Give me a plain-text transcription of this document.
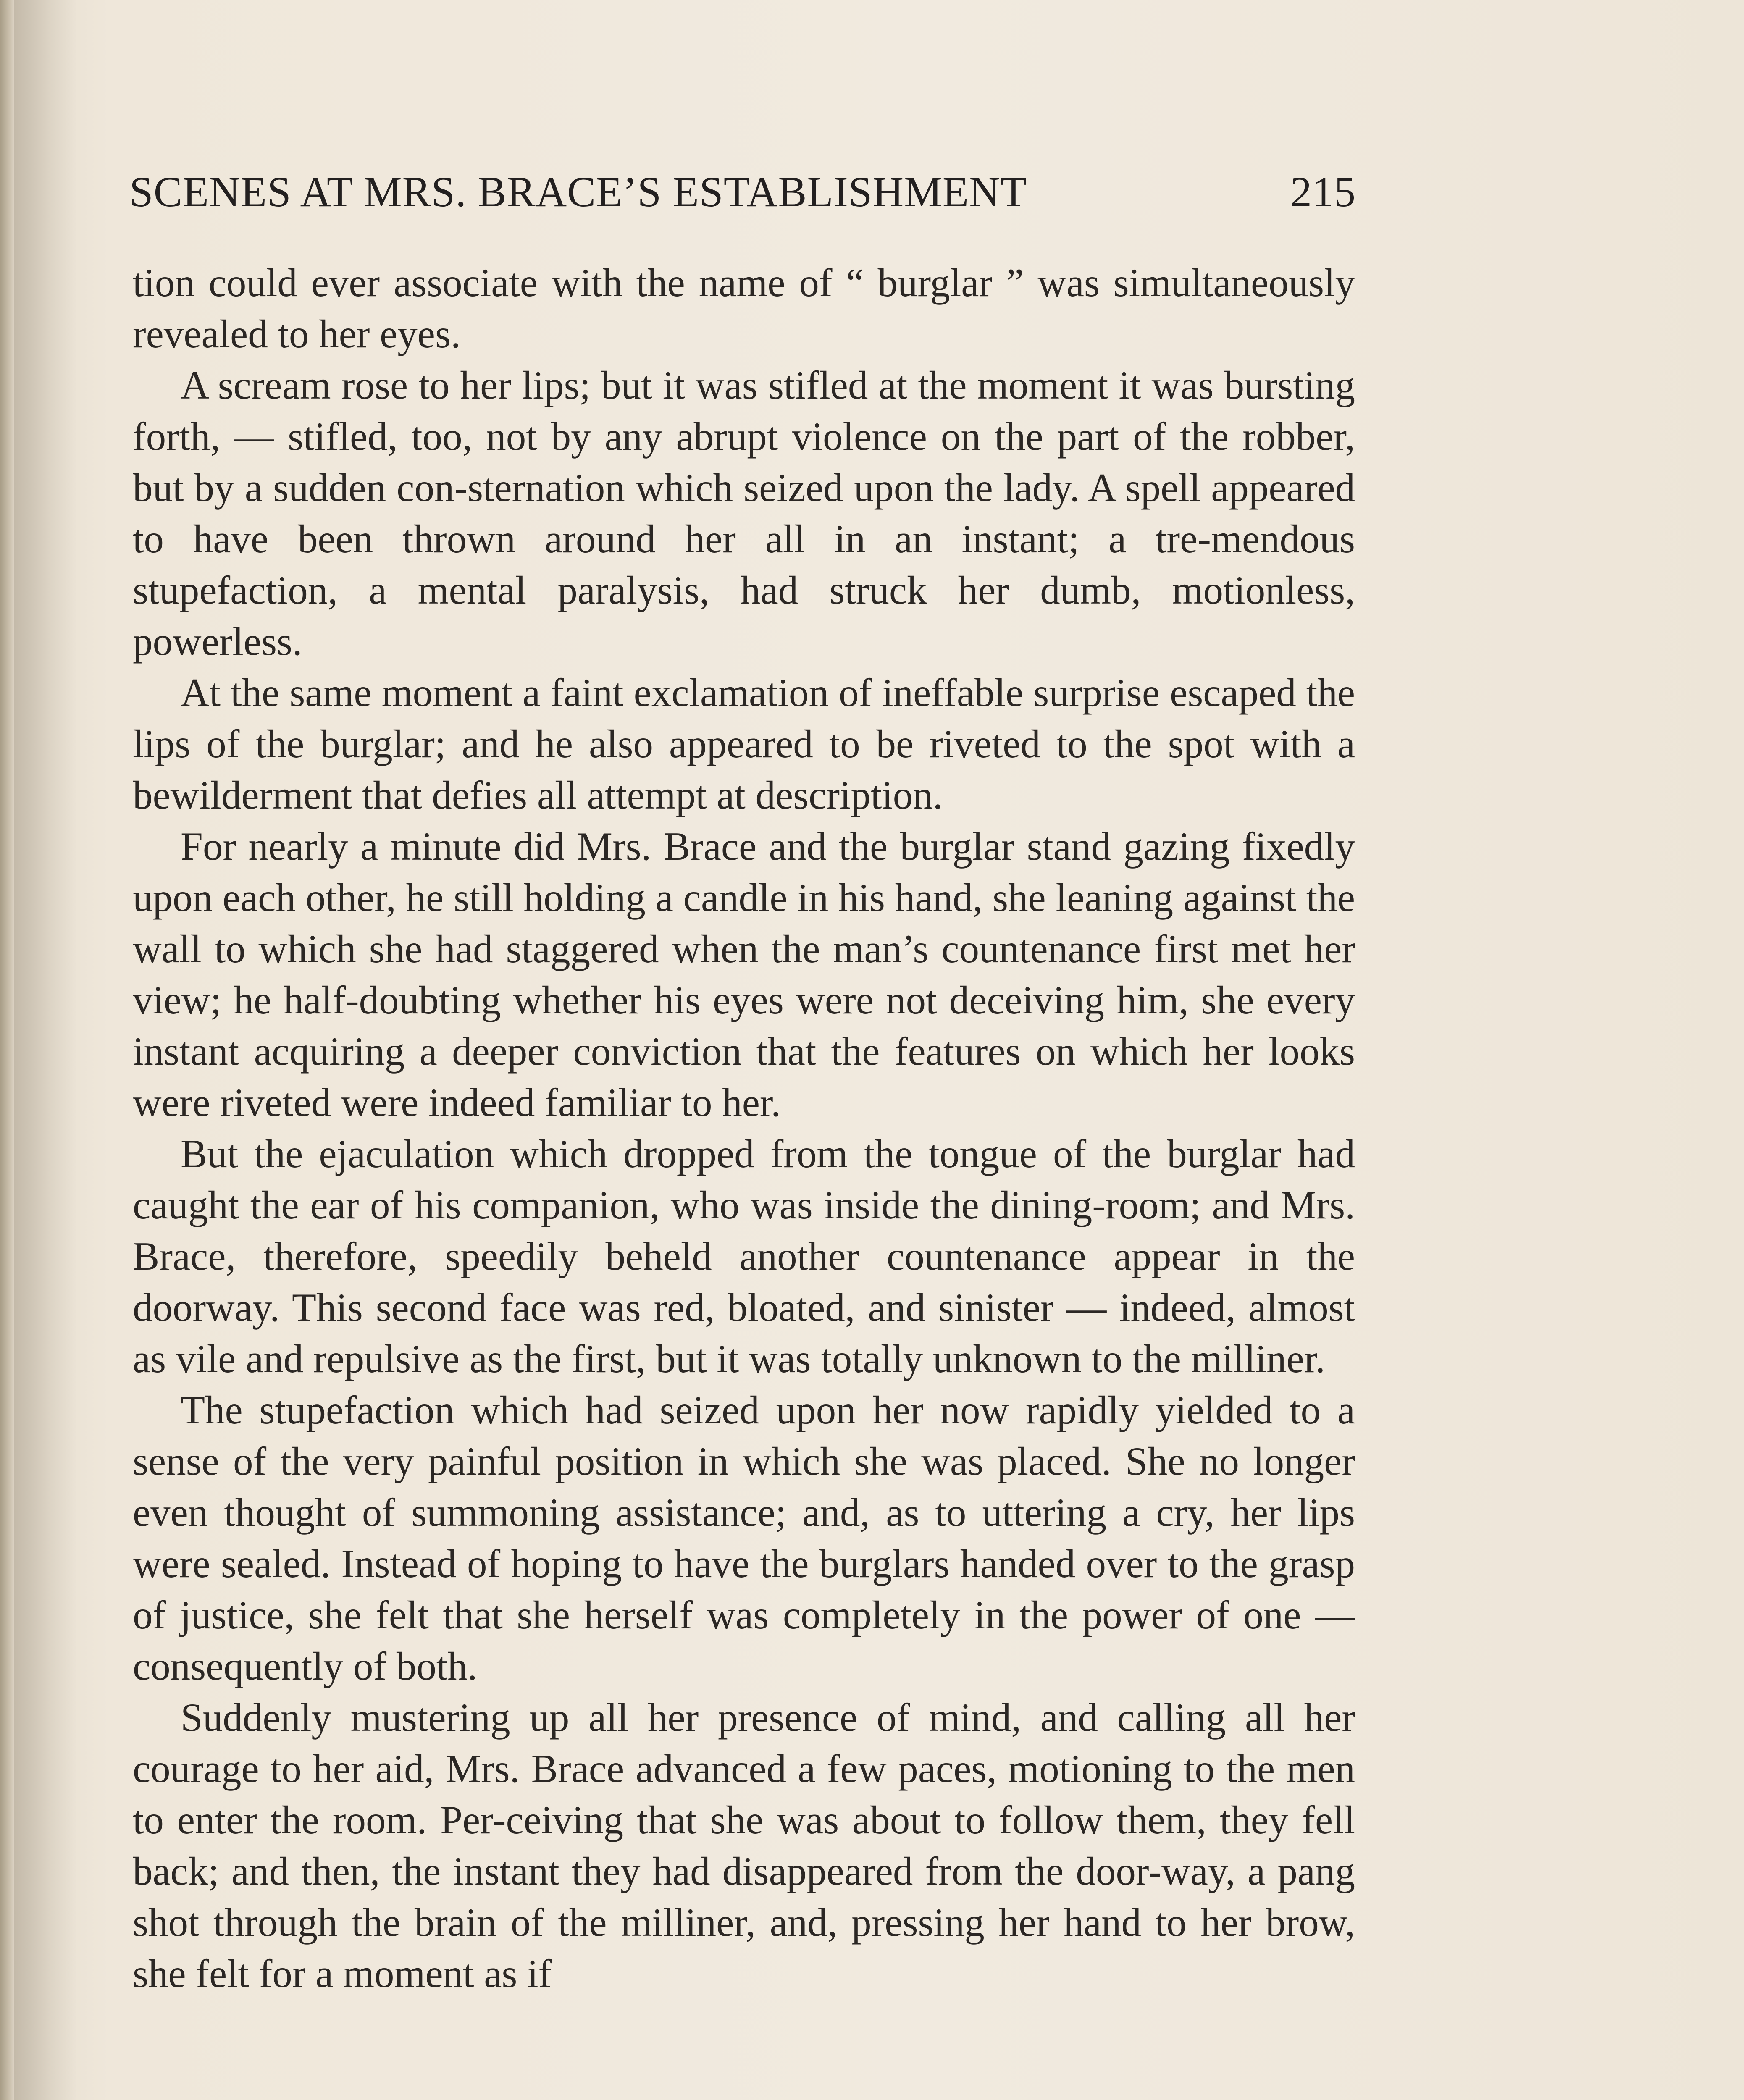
SCENES AT MRS. BRACE’S ESTABLISHMENT	215

tion could ever associate with the name of “ burglar ” was simultaneously revealed to her eyes.

A scream rose to her lips; but it was stifled at the moment it was bursting forth, — stifled, too, not by any abrupt violence on the part of the robber, but by a sudden con-sternation which seized upon the lady. A spell appeared to have been thrown around her all in an instant; a tre-mendous stupefaction, a mental paralysis, had struck her dumb, motionless, powerless.

At the same moment a faint exclamation of ineffable surprise escaped the lips of the burglar; and he also appeared to be riveted to the spot with a bewilderment that defies all attempt at description.

For nearly a minute did Mrs. Brace and the burglar stand gazing fixedly upon each other, he still holding a candle in his hand, she leaning against the wall to which she had staggered when the man’s countenance first met her view; he half-doubting whether his eyes were not deceiving him, she every instant acquiring a deeper conviction that the features on which her looks were riveted were indeed familiar to her.

But the ejaculation which dropped from the tongue of the burglar had caught the ear of his companion, who was inside the dining-room; and Mrs. Brace, therefore, speedily beheld another countenance appear in the doorway. This second face was red, bloated, and sinister — indeed, almost as vile and repulsive as the first, but it was totally unknown to the milliner.

The stupefaction which had seized upon her now rapidly yielded to a sense of the very painful position in which she was placed. She no longer even thought of summoning assistance; and, as to uttering a cry, her lips were sealed. Instead of hoping to have the burglars handed over to the grasp of justice, she felt that she herself was completely in the power of one — consequently of both.

Suddenly mustering up all her presence of mind, and calling all her courage to her aid, Mrs. Brace advanced a few paces, motioning to the men to enter the room. Per-ceiving that she was about to follow them, they fell back; and then, the instant they had disappeared from the door-way, a pang shot through the brain of the milliner, and, pressing her hand to her brow, she felt for a moment as if
